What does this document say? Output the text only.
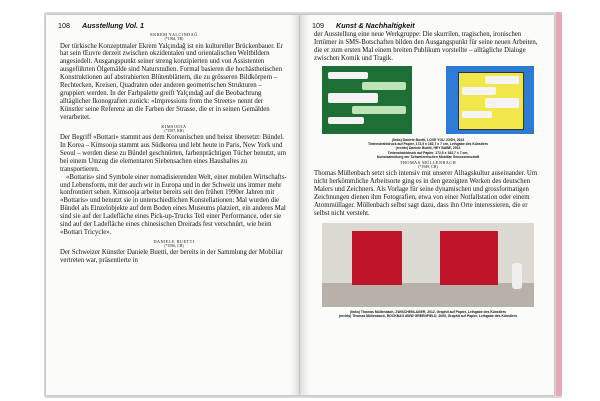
108 Ausstellung Vol. 1
EKREM YALCINDAĞ
(*1964, TR)

Der türkische Konzeptmaler Ekrem Yalçındağ ist ein kultureller Brückenbauer. Er hat sein Œuvre derzeit zwischen okzidentalen und orientalischen Weltbildern angesiedelt. Ausgangspunkt seiner streng konzipierten und von Assistenten ausgeführten Ölgemälde sind Naturstudien. Formal basieren die hochästhetischen Konstruktionen auf abstrahierten Blütenblättern, die zu grösseren Bildkörpern – Rechtecken, Kreisen, Quadraten oder anderen geometrischen Strukturen – gruppiert werden. In der Farbpalette greift Yalçındağ auf die Beobachtung alltäglicher Ikonografien zurück: «Impressions from the Streets» nennt der Künstler seine Referenz an die Farben der Strasse, die er in seinen Gemälden verarbeitet.

KIMSOOJA
(*1957, KR)

Der Begriff «Bottari» stammt aus dem Koreanischen und heisst übersetzt: Bündel. In Korea – Kimsooja stammt aus Südkorea und lebt heute in Paris, New York und Seoul – werden diese zu Bündel geschnürten, farbenprächtigen Tücher benutzt, um bei einem Umzug die elementaren Siebensachen eines Haushaltes zu transportieren.

«Bottaris» sind Symbole einer nomadisierenden Welt, einer mobilen Wirtschafts- und Lebensform, mit der auch wir in Europa und in der Schweiz uns immer mehr konfrontiert sehen. Kimsooja arbeitet bereits seit den frühen 1990er Jahren mit «Bottaris» und benutzt sie in unterschiedlichen Konstellationen: Mal wurden die Bündel als Einzelobjekte auf dem Boden eines Museums platziert, ein anderes Mal sind sie auf der Ladefläche eines Pick-up-Trucks Teil einer Performance, oder sie sind auf der Ladefläche eines chinesischen Dreirads fest verschnürt, wie beim «Bottari Tricycle».

DANIELE BUETTI
(*1956, CH)

Der Schweizer Künstler Daniele Buetti, der bereits in der Sammlung der Mobiliar vertreten war, präsentierte in

109 Kunst & Nachhaltigkeit

der Ausstellung eine neue Werkgruppe: Die skurrilen, tragischen, ironischen Irrtümer in SMS-Botschaften bilden den Ausgangspunkt für seine neuen Arbeiten, die er zum ersten Mal einem breiten Publikum vorstellte – alltägliche Dialoge zwischen Komik und Tragik.

(links) Daniele Buetti, LOVE YOU JOSH, 2013
Tintenstrahldruck auf Papier, 172,5 x 162,7 x 7 cm, Leihgabe des Künstlers
(rechts) Daniele Buetti, HEY BABE, 2013
Tintenstrahldruck auf Papier, 172,5 x 162,7 x 7 cm,
Kunstsammlung der Schweizerischen Mobiliar Genossenschaft
THOMAS MÜLLENBACH
(*1949, CH)

Thomas Müllenbach setzt sich intensiv mit unserer Alltagskultur auseinander. Um nicht herkömmliche Arbeitsorte ging es in den gezeigten Werken des deutschen Malers und Zeichners. Als Vorlage für seine dynamischen und grossformatigen Zeichnungen dienen ihm Fotografien, etwa von einer Notfallstation oder einem Atommüllager. Müllenbach selbst sagt dazu, dass ihn Orte interessieren, die er selbst nicht versteht.

(links) Thomas Müllenbach, ZWISCHENLAGER, 2012, Graphit auf Papier, Leihgabe des Künstlers
(rechts) Thomas Müllenbach, ROCKBAG AWW GREENFIELD, 2005, Graphit auf Papier, Leihgabe des Künstlers
